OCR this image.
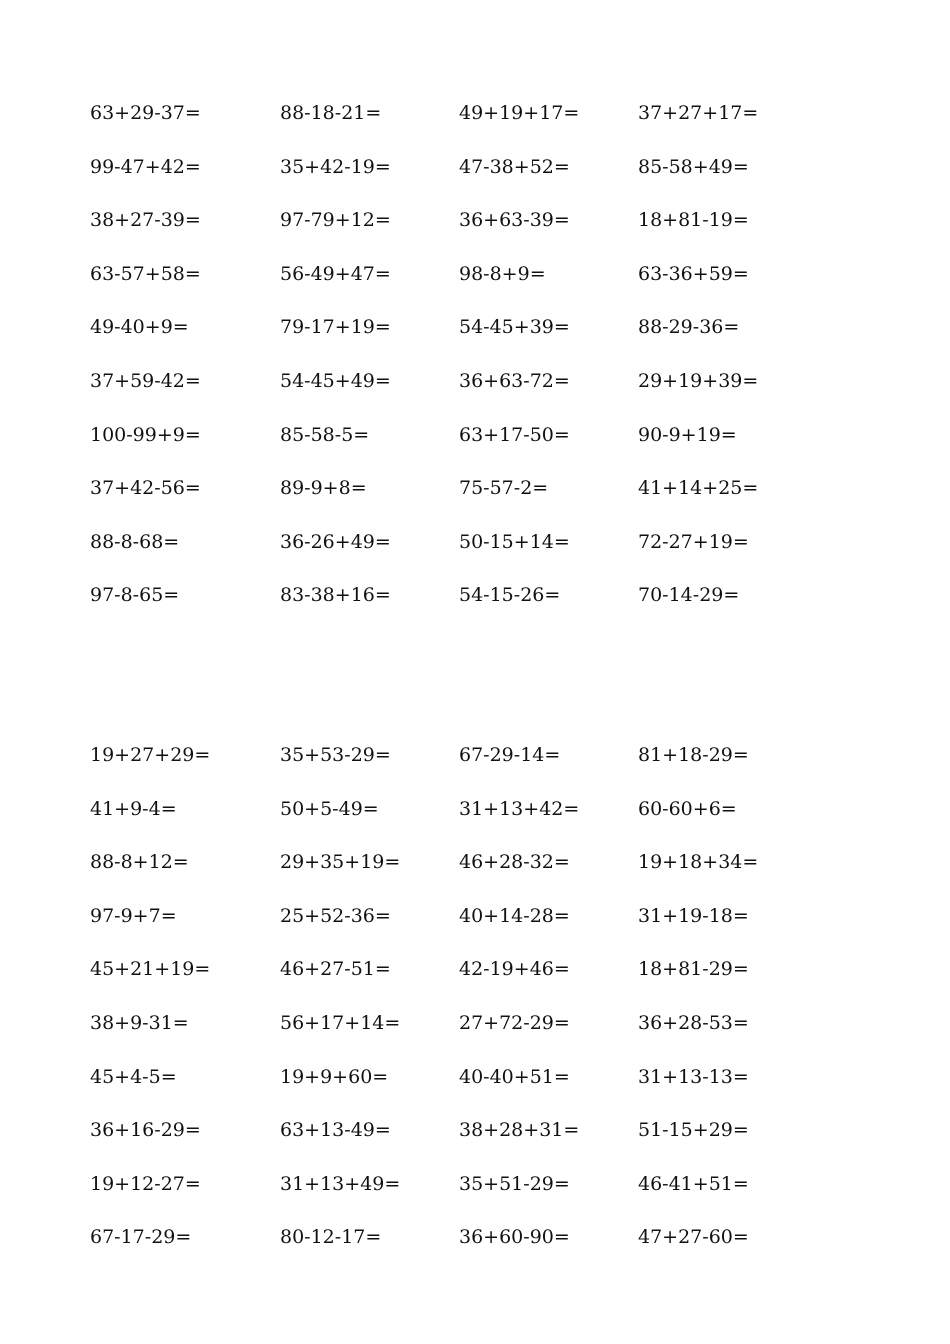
63+29-37=	88-18-21=	49+19+17=	37+27+17=
99-47+42=	35+42-19=	47-38+52=	85-58+49=
38+27-39=	97-79+12=	36+63-39=	18+81-19=
63-57+58=	56-49+47=	98-8+9=	63-36+59=
49-40+9=	79-17+19=	54-45+39=	88-29-36=
37+59-42=	54-45+49=	36+63-72=	29+19+39=
100-99+9=	85-58-5=	63+17-50=	90-9+19=
37+42-56=	89-9+8=	75-57-2=	41+14+25=
88-8-68=	36-26+49=	50-15+14=	72-27+19=
97-8-65=	83-38+16=	54-15-26=	70-14-29=
19+27+29=	35+53-29=	67-29-14=	81+18-29=
41+9-4=	50+5-49=	31+13+42=	60-60+6=
88-8+12=	29+35+19=	46+28-32=	19+18+34=
97-9+7=	25+52-36=	40+14-28=	31+19-18=
45+21+19=	46+27-51=	42-19+46=	18+81-29=
38+9-31=	56+17+14=	27+72-29=	36+28-53=
45+4-5=	19+9+60=	40-40+51=	31+13-13=
36+16-29=	63+13-49=	38+28+31=	51-15+29=
19+12-27=	31+13+49=	35+51-29=	46-41+51=
67-17-29=	80-12-17=	36+60-90=	47+27-60=
